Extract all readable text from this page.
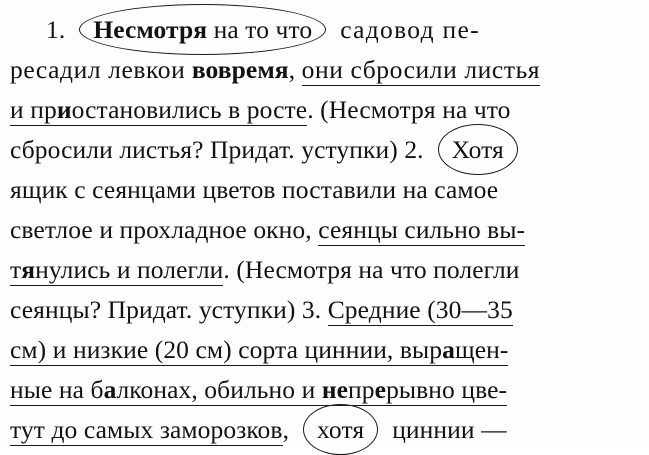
1. Несмотря на то что садовод пе-
ресадил левкои вовремя, они сбросили листья
и приостановились в росте. (Несмотря на что
сбросили листья? Придат. уступки) 2. Хотя
ящик с сеянцами цветов поставили на самое
светлое и прохладное окно, сеянцы сильно вы-
тянулись и полегли. (Несмотря на что полегли
сеянцы? Придат. уступки) 3. Средние (30—35
см) и низкие (20 см) сорта циннии, выращен-
ные на балконах, обильно и непрерывно цве-
тут до самых заморозков, хотя циннии —
